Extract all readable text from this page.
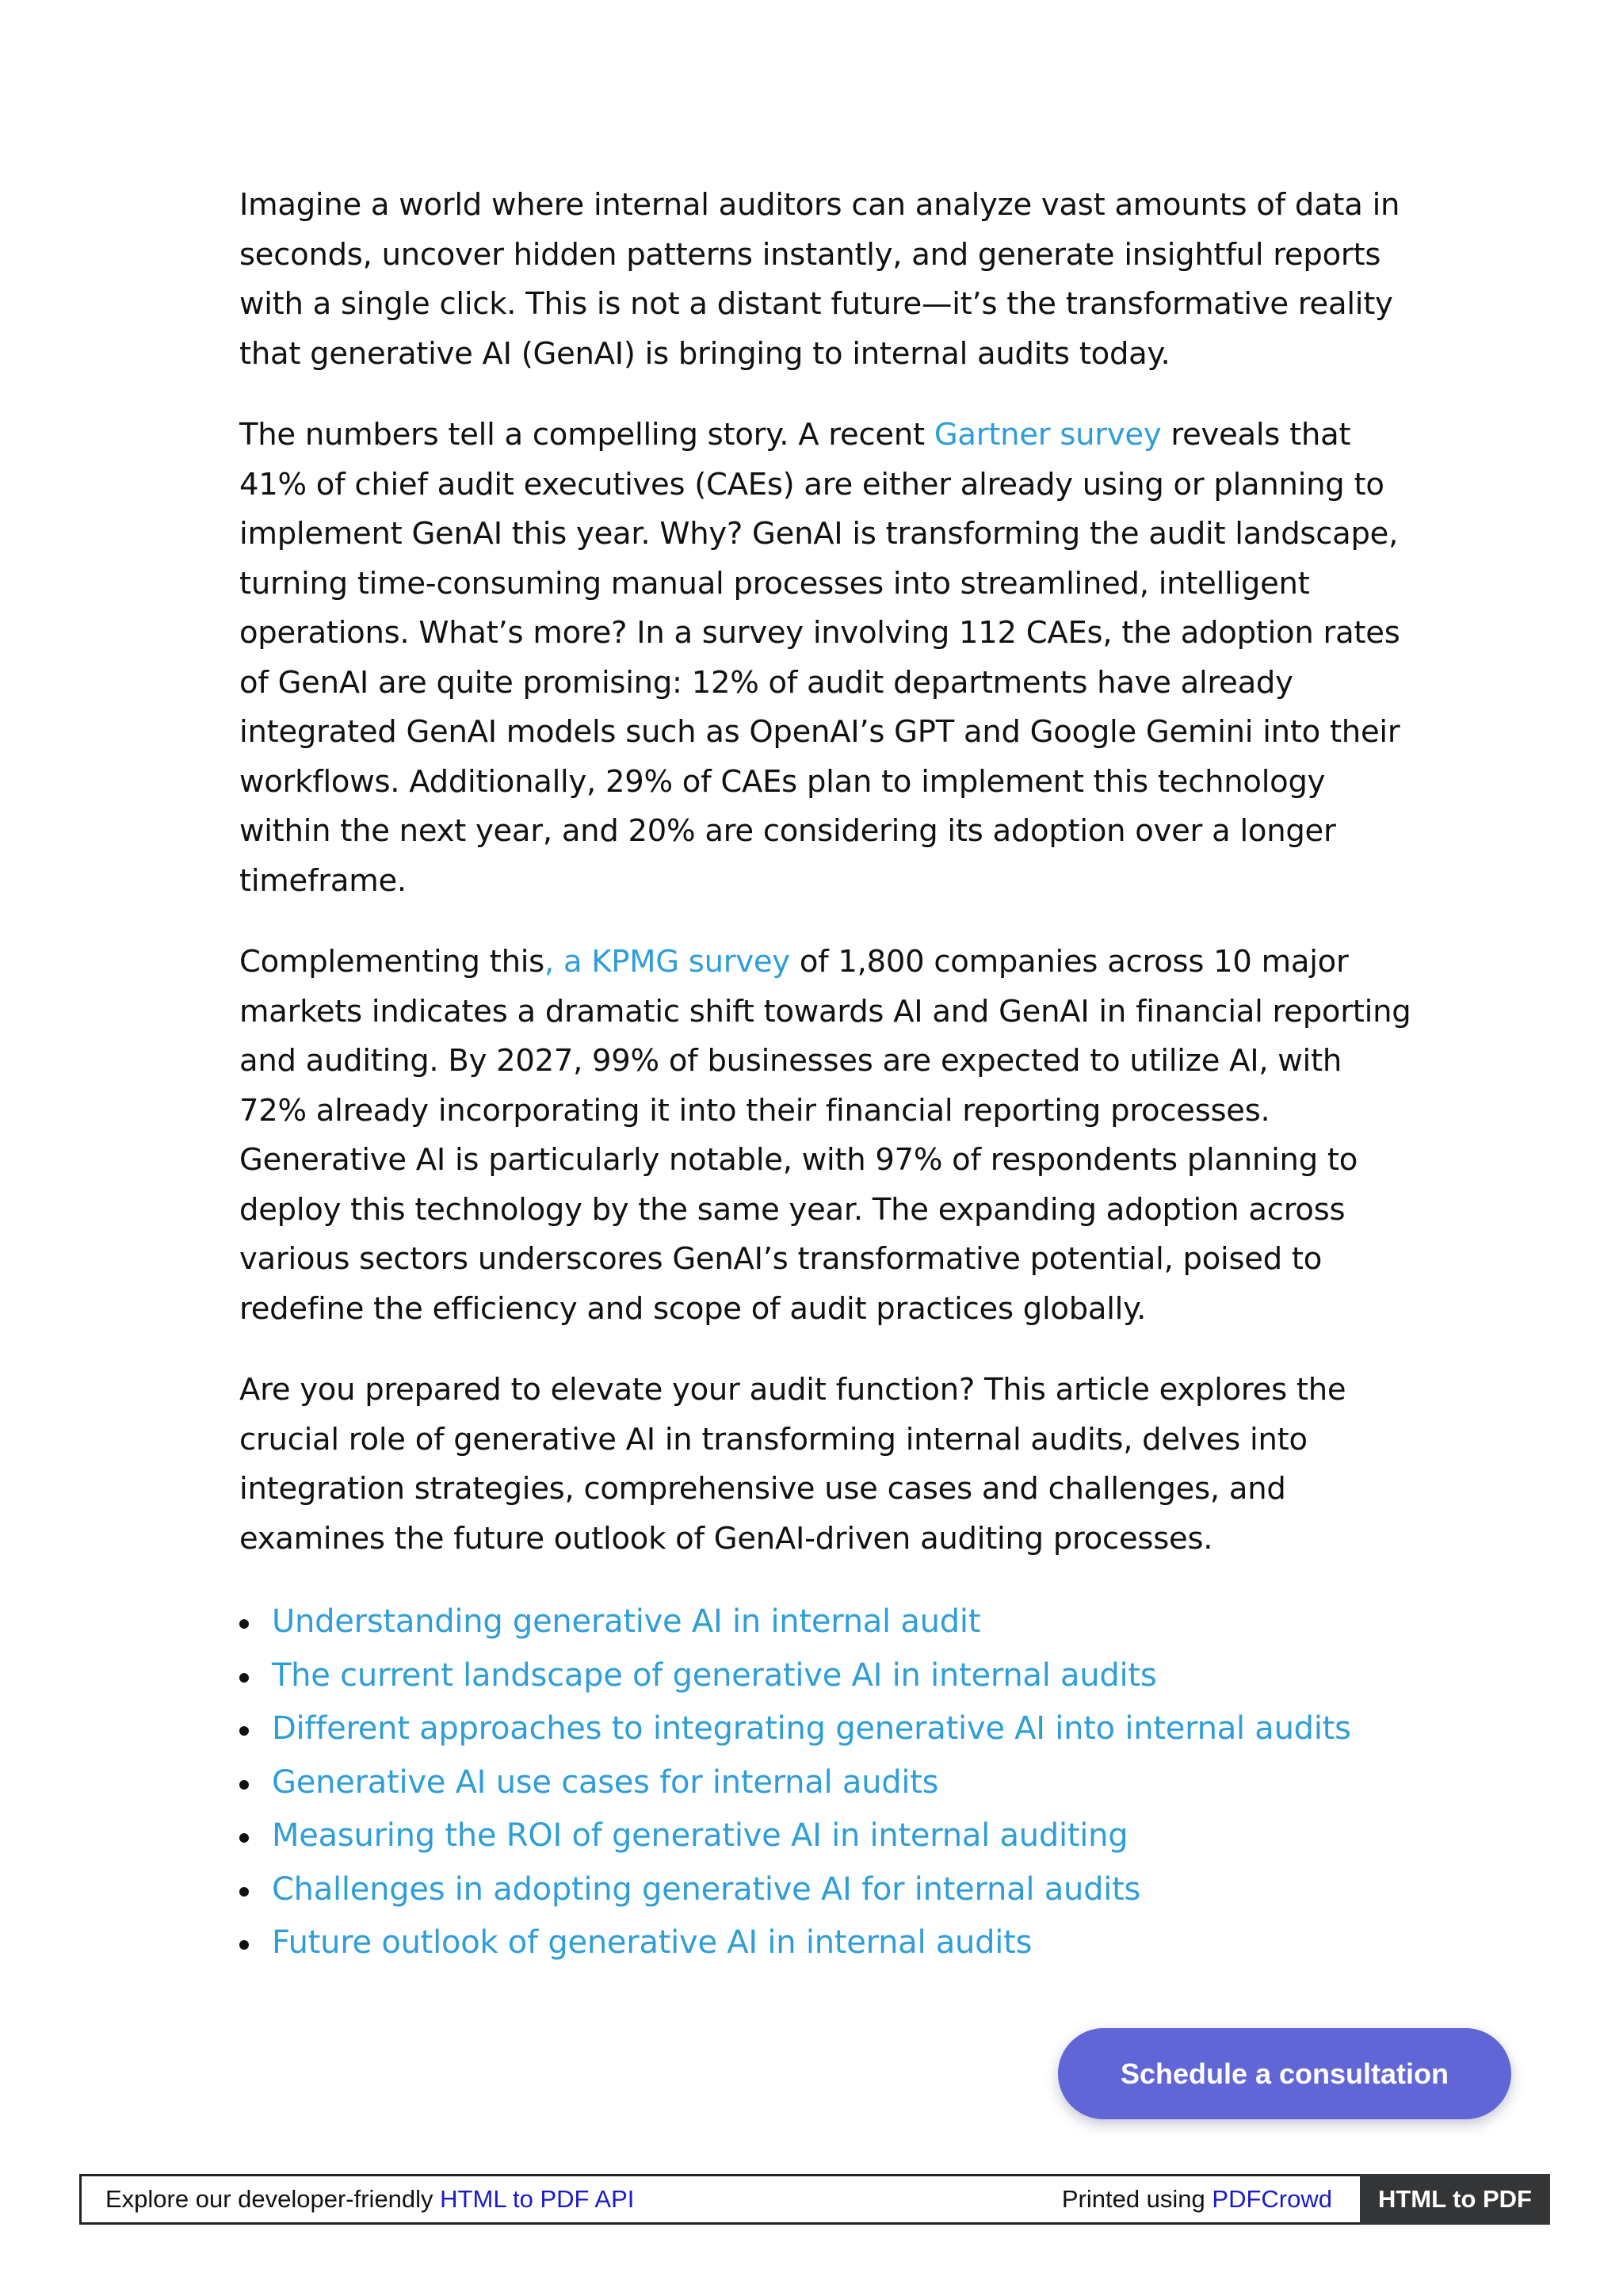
Imagine a world where internal auditors can analyze vast amounts of data in seconds, uncover hidden patterns instantly, and generate insightful reports with a single click. This is not a distant future—it’s the transformative reality that generative AI (GenAI) is bringing to internal audits today.

The numbers tell a compelling story. A recent Gartner survey reveals that 41% of chief audit executives (CAEs) are either already using or planning to implement GenAI this year. Why? GenAI is transforming the audit landscape, turning time-consuming manual processes into streamlined, intelligent operations. What’s more? In a survey involving 112 CAEs, the adoption rates of GenAI are quite promising: 12% of audit departments have already integrated GenAI models such as OpenAI’s GPT and Google Gemini into their workflows. Additionally, 29% of CAEs plan to implement this technology within the next year, and 20% are considering its adoption over a longer timeframe.

Complementing this, a KPMG survey of 1,800 companies across 10 major markets indicates a dramatic shift towards AI and GenAI in financial reporting and auditing. By 2027, 99% of businesses are expected to utilize AI, with 72% already incorporating it into their financial reporting processes. Generative AI is particularly notable, with 97% of respondents planning to deploy this technology by the same year. The expanding adoption across various sectors underscores GenAI’s transformative potential, poised to redefine the efficiency and scope of audit practices globally.

Are you prepared to elevate your audit function? This article explores the crucial role of generative AI in transforming internal audits, delves into integration strategies, comprehensive use cases and challenges, and examines the future outlook of GenAI-driven auditing processes.

Understanding generative AI in internal audit
The current landscape of generative AI in internal audits
Different approaches to integrating generative AI into internal audits
Generative AI use cases for internal audits
Measuring the ROI of generative AI in internal auditing
Challenges in adopting generative AI for internal audits
Future outlook of generative AI in internal audits
Schedule a consultation
Explore our developer-friendly HTML to PDF API	Printed using PDFCrowd	HTML to PDF
